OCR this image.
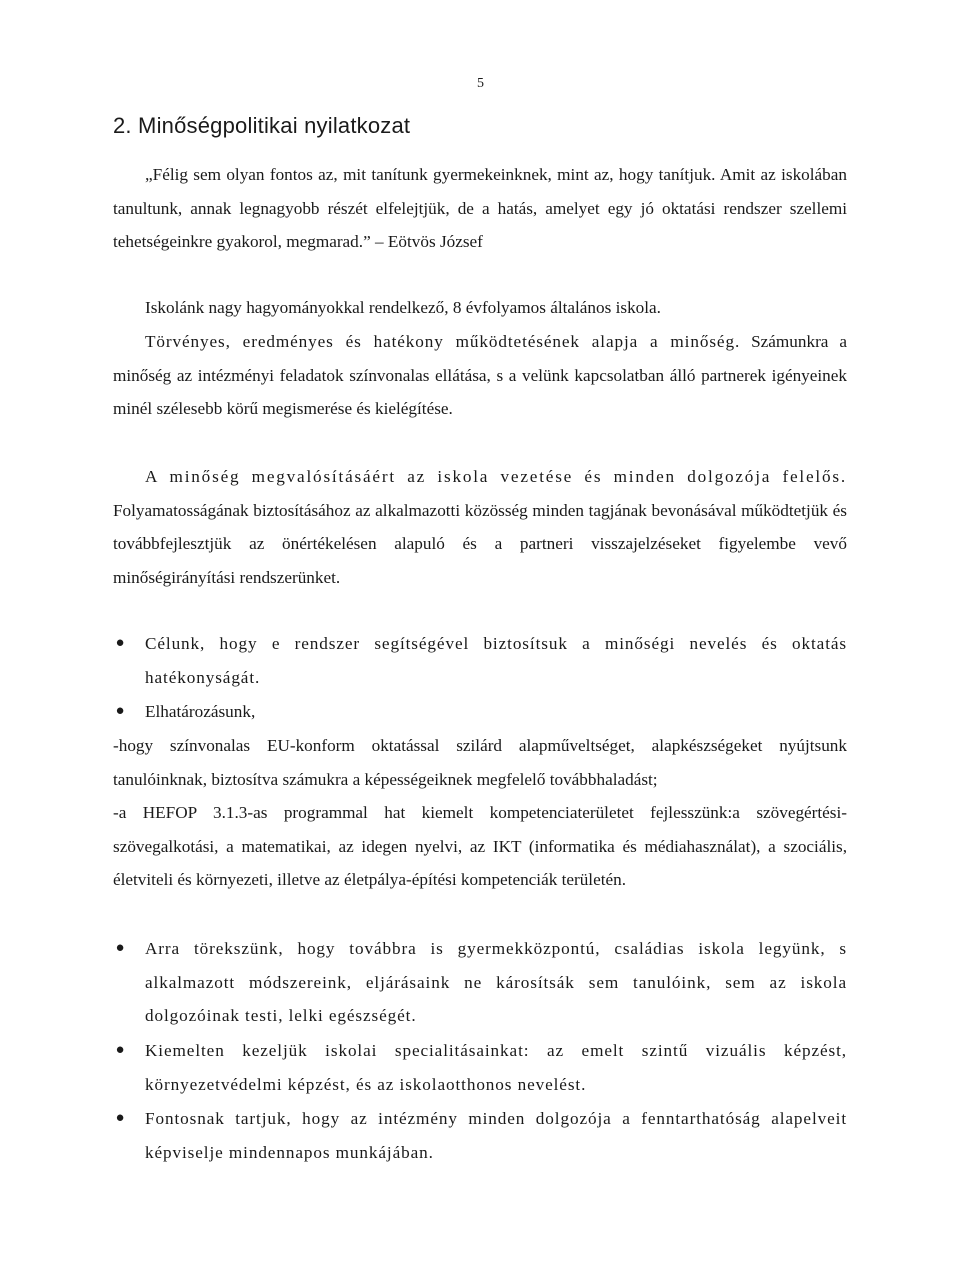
5
2. Minőségpolitikai nyilatkozat

„Félig sem olyan fontos az, mit tanítunk gyermekeinknek, mint az, hogy tanítjuk. Amit az iskolában tanultunk, annak legnagyobb részét elfelejtjük, de a hatás, amelyet egy jó oktatási rendszer szellemi tehetségeinkre gyakorol, megmarad.” – Eötvös József

Iskolánk nagy hagyományokkal rendelkező, 8 évfolyamos általános iskola.

Törvényes, eredményes és hatékony működtetésének alapja a minőség. Számunkra a minőség az intézményi feladatok színvonalas ellátása, s a velünk kapcsolatban álló partnerek igényeinek minél szélesebb körű megismerése és kielégítése.

A minőség megvalósításáért az iskola vezetése és minden dolgozója felelős. Folyamatosságának biztosításához az alkalmazotti közösség minden tagjának bevonásával működtetjük és továbbfejlesztjük az önértékelésen alapuló és a partneri visszajelzéseket figyelembe vevő minőségirányítási rendszerünket.

● Célunk, hogy e rendszer segítségével biztosítsuk a minőségi nevelés és oktatás hatékonyságát.
● Elhatározásunk,

-hogy színvonalas EU-konform oktatással szilárd alapműveltséget, alapkészségeket nyújtsunk tanulóinknak, biztosítva számukra a képességeiknek megfelelő továbbhaladást;

-a HEFOP 3.1.3-as programmal hat kiemelt kompetenciaterületet fejlesszünk:a szövegértési-szövegalkotási, a matematikai, az idegen nyelvi, az IKT (informatika és médiahasználat), a szociális, életviteli és környezeti, illetve az életpálya-építési kompetenciák területén.

● Arra törekszünk, hogy továbbra is gyermekközpontú, családias iskola legyünk, s alkalmazott módszereink, eljárásaink ne károsítsák sem tanulóink, sem az iskola dolgozóinak testi, lelki egészségét.
● Kiemelten kezeljük iskolai specialitásainkat: az emelt szintű vizuális képzést, környezetvédelmi képzést, és az iskolaotthonos nevelést.
● Fontosnak tartjuk, hogy az intézmény minden dolgozója a fenntarthatóság alapelveit képviselje mindennapos munkájában.
